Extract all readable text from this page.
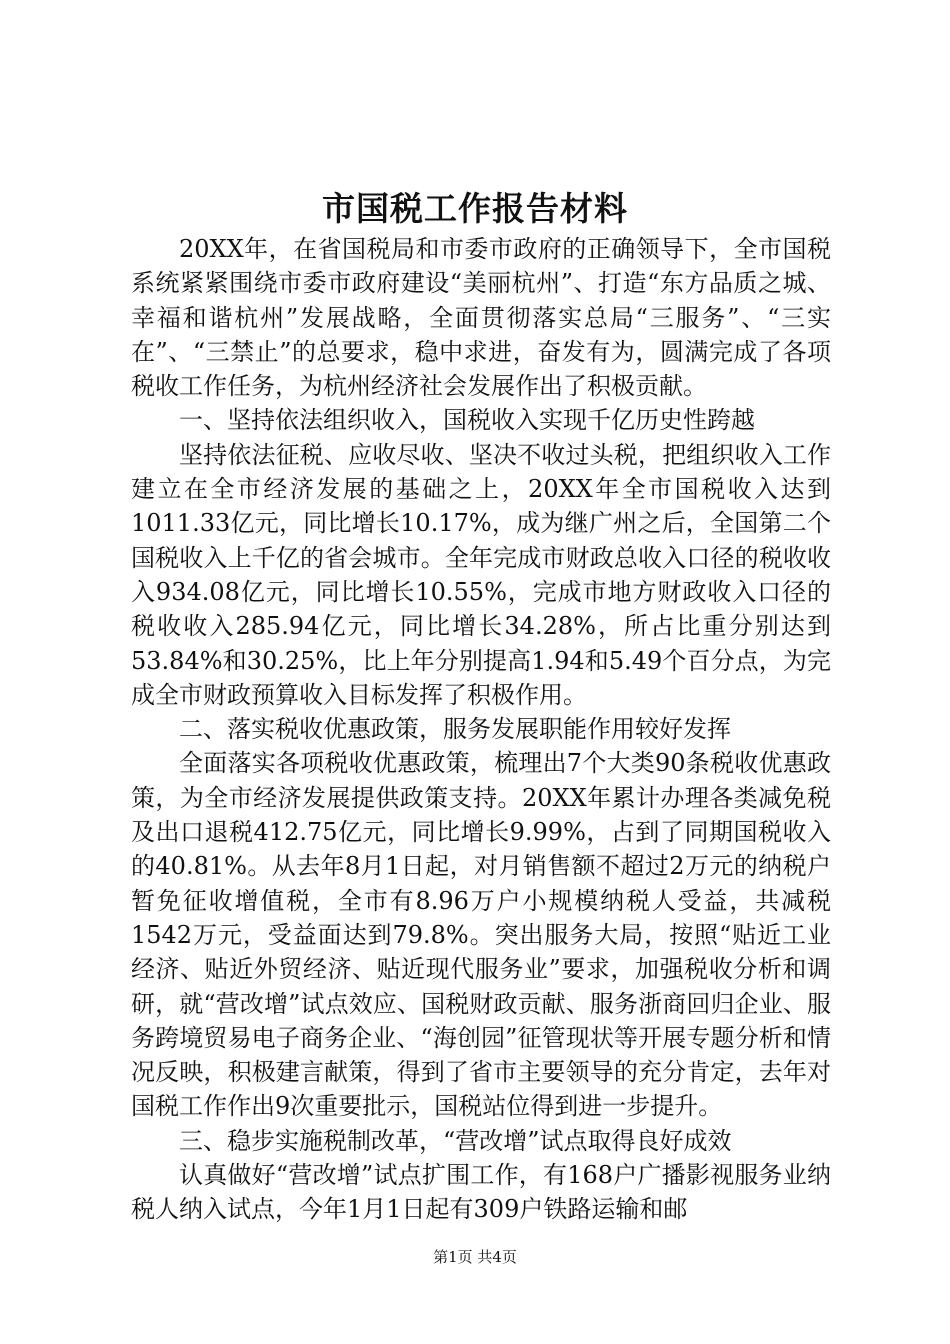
市国税工作报告材料

20XX年，在省国税局和市委市政府的正确领导下，全市国税系统紧紧围绕市委市政府建设“美丽杭州”、打造“东方品质之城、幸福和谐杭州”发展战略，全面贯彻落实总局“三服务”、“三实在”、“三禁止”的总要求，稳中求进，奋发有为，圆满完成了各项税收工作任务，为杭州经济社会发展作出了积极贡献。

一、坚持依法组织收入，国税收入实现千亿历史性跨越

坚持依法征税、应收尽收、坚决不收过头税，把组织收入工作建立在全市经济发展的基础之上，20XX年全市国税收入达到1011.33亿元，同比增长10.17%，成为继广州之后，全国第二个国税收入上千亿的省会城市。全年完成市财政总收入口径的税收收入934.08亿元，同比增长10.55%，完成市地方财政收入口径的税收收入285.94亿元，同比增长34.28%，所占比重分别达到53.84%和30.25%，比上年分别提高1.94和5.49个百分点，为完成全市财政预算收入目标发挥了积极作用。

二、落实税收优惠政策，服务发展职能作用较好发挥

全面落实各项税收优惠政策，梳理出7个大类90条税收优惠政策，为全市经济发展提供政策支持。20XX年累计办理各类减免税及出口退税412.75亿元，同比增长9.99%，占到了同期国税收入的40.81%。从去年8月1日起，对月销售额不超过2万元的纳税户暂免征收增值税，全市有8.96万户小规模纳税人受益，共减税1542万元，受益面达到79.8%。突出服务大局，按照“贴近工业经济、贴近外贸经济、贴近现代服务业”要求，加强税收分析和调研，就“营改增”试点效应、国税财政贡献、服务浙商回归企业、服务跨境贸易电子商务企业、“海创园”征管现状等开展专题分析和情况反映，积极建言献策，得到了省市主要领导的充分肯定，去年对国税工作作出9次重要批示，国税站位得到进一步提升。

三、稳步实施税制改革，“营改增”试点取得良好成效

认真做好“营改增”试点扩围工作，有168户广播影视服务业纳税人纳入试点，今年1月1日起有309户铁路运输和邮

第1页 共4页
